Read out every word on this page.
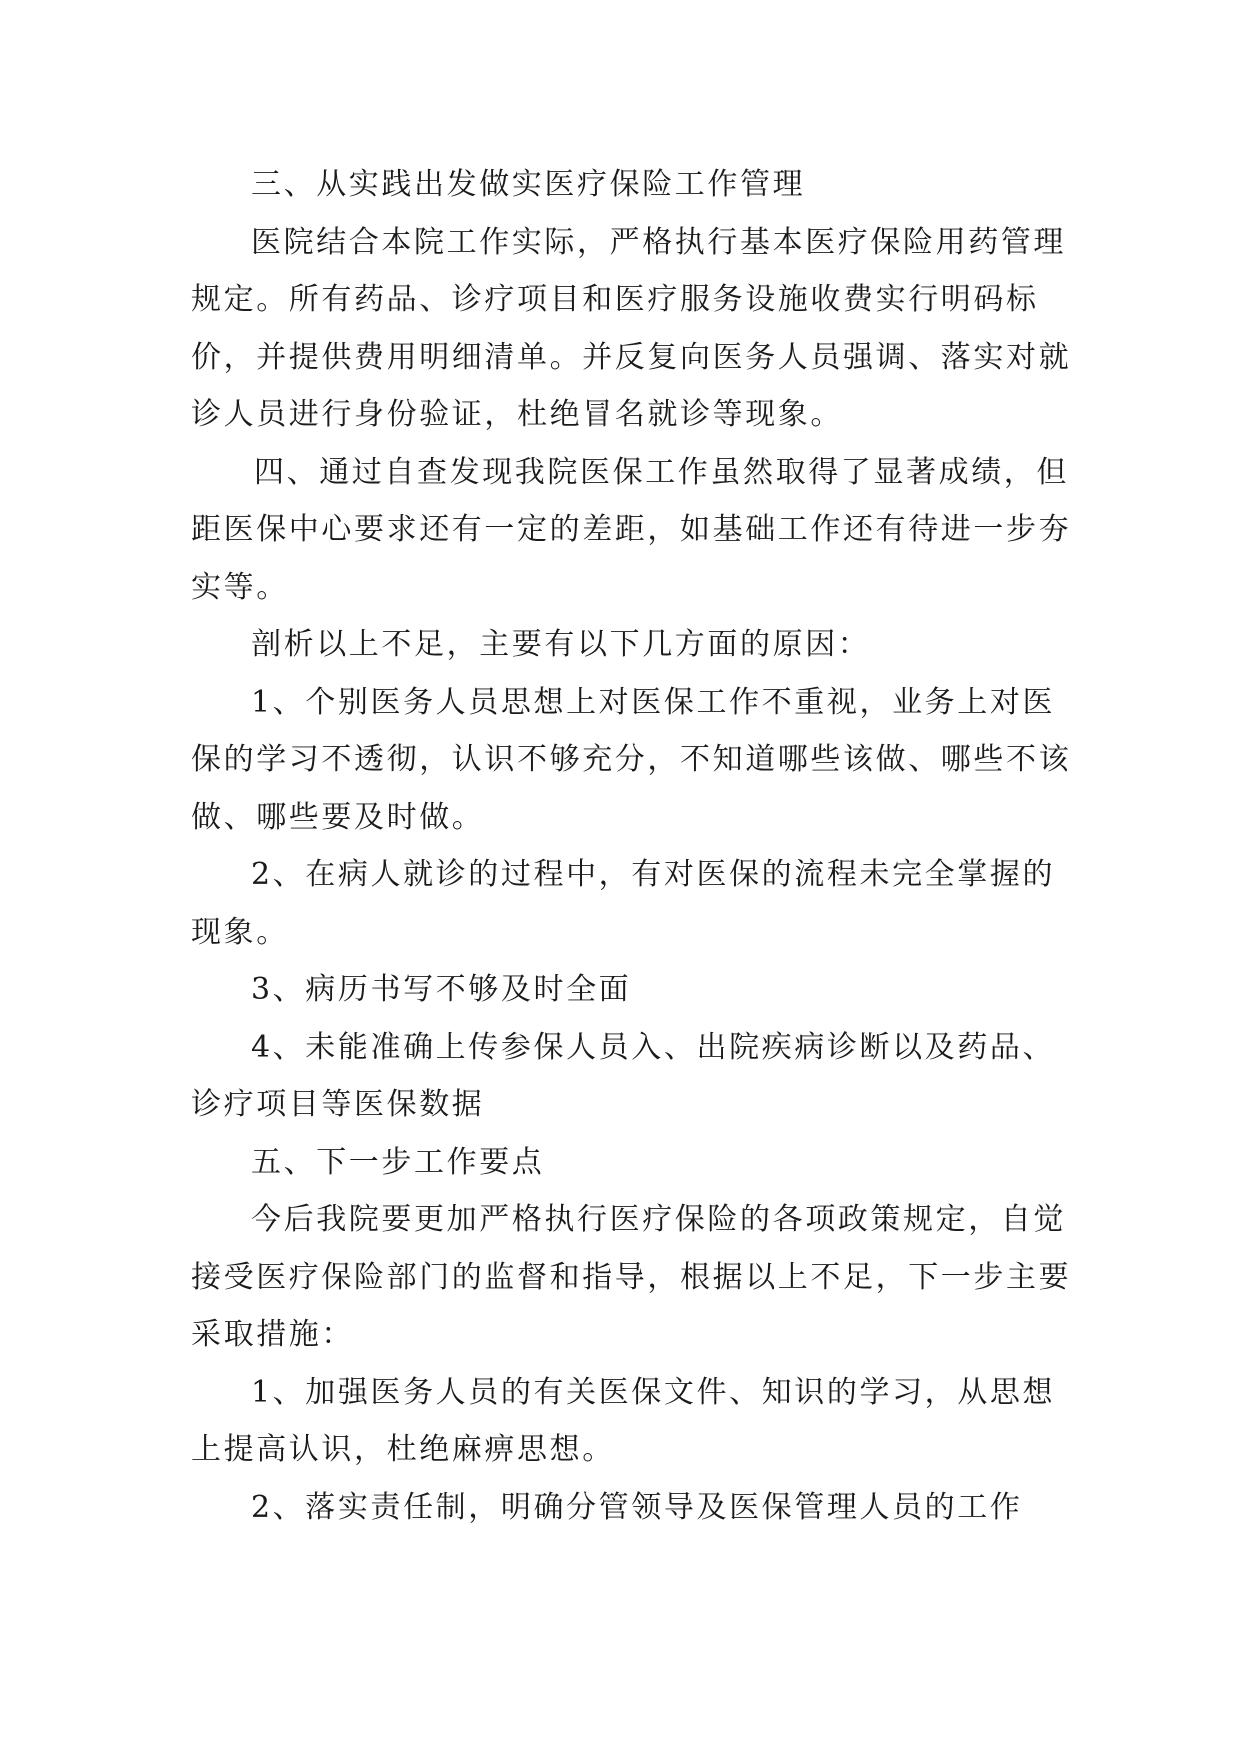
三、从实践出发做实医疗保险工作管理

医院结合本院工作实际，严格执行基本医疗保险用药管理规定。所有药品、诊疗项目和医疗服务设施收费实行明码标价，并提供费用明细清单。并反复向医务人员强调、落实对就诊人员进行身份验证，杜绝冒名就诊等现象。

四、通过自查发现我院医保工作虽然取得了显著成绩，但距医保中心要求还有一定的差距，如基础工作还有待进一步夯实等。

剖析以上不足，主要有以下几方面的原因：

1、个别医务人员思想上对医保工作不重视，业务上对医保的学习不透彻，认识不够充分，不知道哪些该做、哪些不该做、哪些要及时做。

2、在病人就诊的过程中，有对医保的流程未完全掌握的现象。

3、病历书写不够及时全面

4、未能准确上传参保人员入、出院疾病诊断以及药品、诊疗项目等医保数据

五、下一步工作要点

今后我院要更加严格执行医疗保险的各项政策规定，自觉接受医疗保险部门的监督和指导，根据以上不足，下一步主要采取措施：

1、加强医务人员的有关医保文件、知识的学习，从思想上提高认识，杜绝麻痹思想。

2、落实责任制，明确分管领导及医保管理人员的工作
